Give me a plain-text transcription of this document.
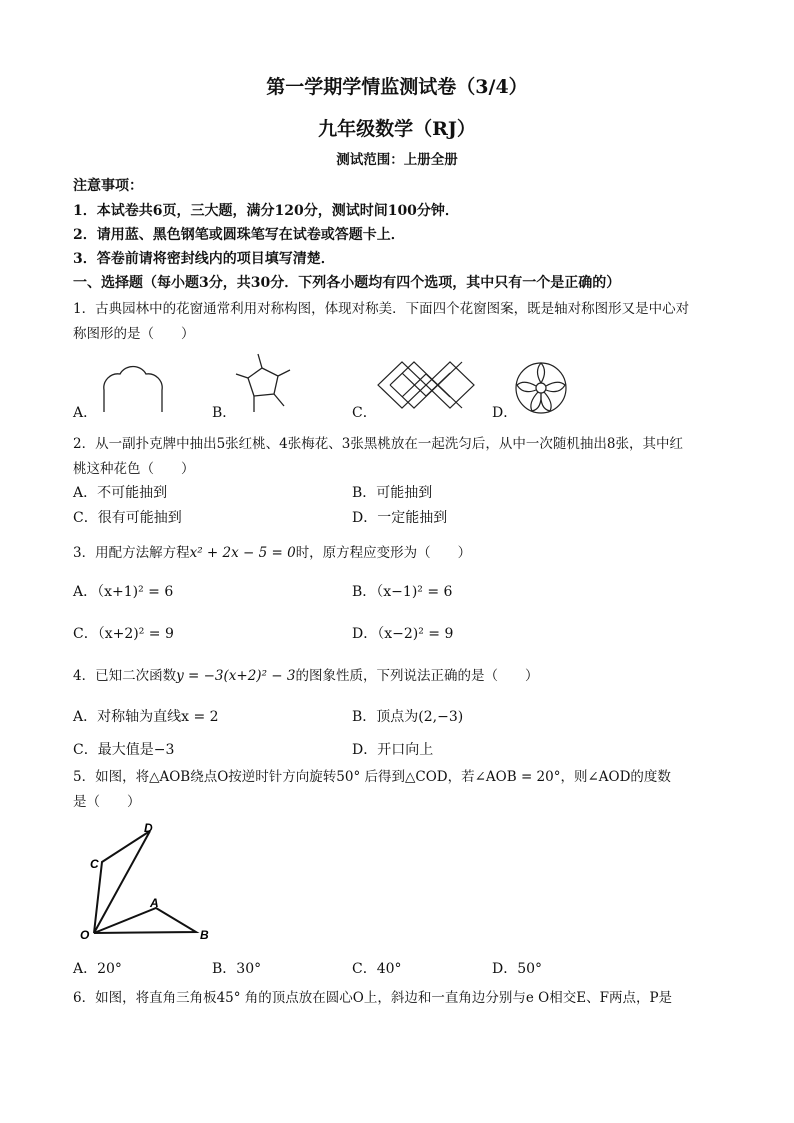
第一学期学情监测试卷（3/4）
九年级数学（RJ）
测试范围：上册全册
注意事项：
1．本试卷共6页，三大题，满分120分，测试时间100分钟．
2．请用蓝、黑色钢笔或圆珠笔写在试卷或答题卡上．
3．答卷前请将密封线内的项目填写清楚．
一、选择题（每小题3分，共30分．下列各小题均有四个选项，其中只有一个是正确的）
1．古典园林中的花窗通常利用对称构图，体现对称美．下面四个花窗图案，既是轴对称图形又是中心对
称图形的是（　　）
A．	B．	C．	D．
2．从一副扑克牌中抽出5张红桃、4张梅花、3张黑桃放在一起洗匀后，从中一次随机抽出8张，其中红
桃这种花色（　　）
A．不可能抽到	B．可能抽到
C．很有可能抽到	D．一定能抽到
3．用配方法解方程x² + 2x − 5 = 0时，原方程应变形为（　　）
A．（x+1)² = 6	B．（x−1)² = 6
C．（x+2)² = 9	D．（x−2)² = 9
4．已知二次函数y = −3(x+2)² − 3的图象性质，下列说法正确的是（　　）
A．对称轴为直线x = 2	B．顶点为(2,−3)
C．最大值是−3	D．开口向上
5．如图，将△AOB绕点O按逆时针方向旋转50° 后得到△COD，若∠AOB = 20°，则∠AOD的度数
是（　　）
D
C
A
O	B
A．20°	B．30°	C．40°	D．50°
6．如图，将直角三角板45° 角的顶点放在圆心O上，斜边和一直角边分别与e O相交E、F两点，P是
